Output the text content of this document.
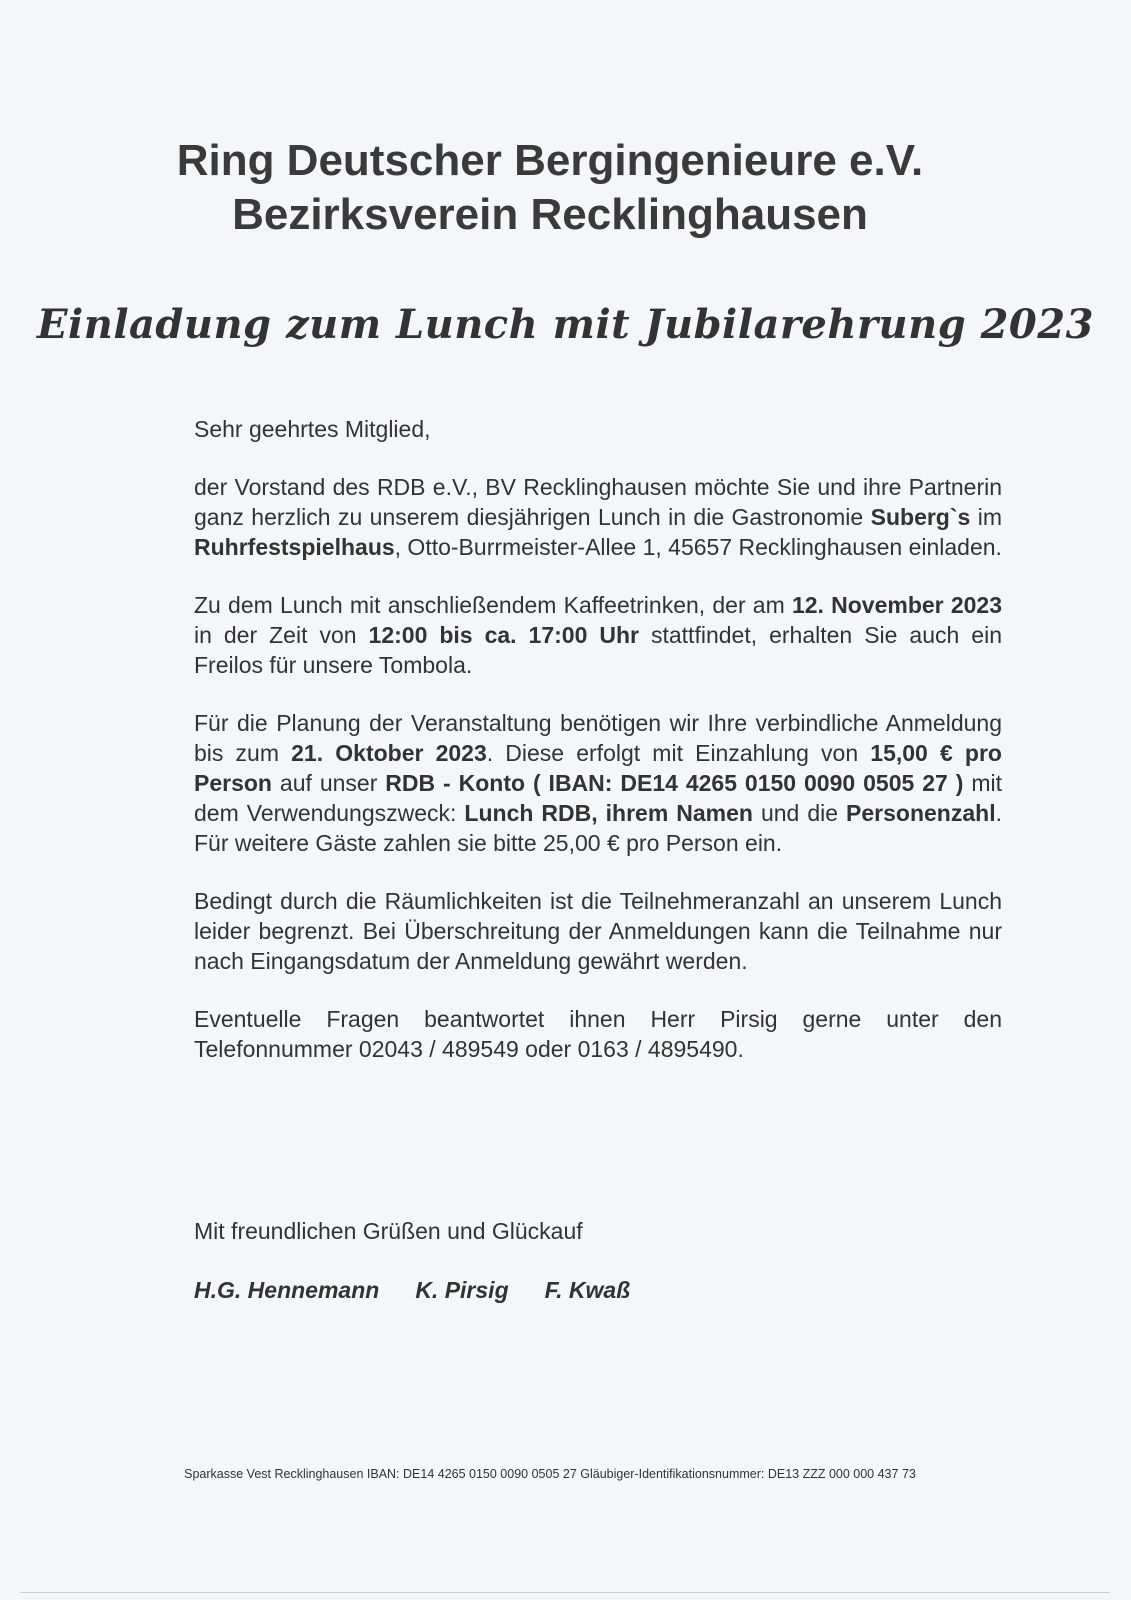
Ring Deutscher Bergingenieure e.V.
Bezirksverein Recklinghausen
Einladung zum Lunch mit Jubilarehrung 2023

Sehr geehrtes Mitglied,

der Vorstand des RDB e.V., BV Recklinghausen möchte Sie und ihre Partnerin ganz herzlich zu unserem diesjährigen Lunch in die Gastronomie Suberg`s im Ruhrfestspielhaus, Otto-Burrmeister-Allee 1, 45657 Recklinghausen einladen.

Zu dem Lunch mit anschließendem Kaffeetrinken, der am 12. November 2023 in der Zeit von 12:00 bis ca. 17:00 Uhr stattfindet, erhalten Sie auch ein Freilos für unsere Tombola.

Für die Planung der Veranstaltung benötigen wir Ihre verbindliche Anmeldung bis zum 21. Oktober 2023. Diese erfolgt mit Einzahlung von 15,00 € pro Person auf unser RDB - Konto ( IBAN: DE14 4265 0150 0090 0505 27 ) mit dem Verwendungszweck: Lunch RDB, ihrem Namen und die Personenzahl. Für weitere Gäste zahlen sie bitte 25,00 € pro Person ein.

Bedingt durch die Räumlichkeiten ist die Teilnehmeranzahl an unserem Lunch leider begrenzt. Bei Überschreitung der Anmeldungen kann die Teilnahme nur nach Eingangsdatum der Anmeldung gewährt werden.

Eventuelle Fragen beantwortet ihnen Herr Pirsig gerne unter den Telefonnummer 02043 / 489549 oder 0163 / 4895490.

Mit freundlichen Grüßen und Glückauf
H.G. Hennemann K. Pirsig F. Kwaß
Sparkasse Vest Recklinghausen IBAN: DE14 4265 0150 0090 0505 27 Gläubiger-Identifikationsnummer: DE13 ZZZ 000 000 437 73
